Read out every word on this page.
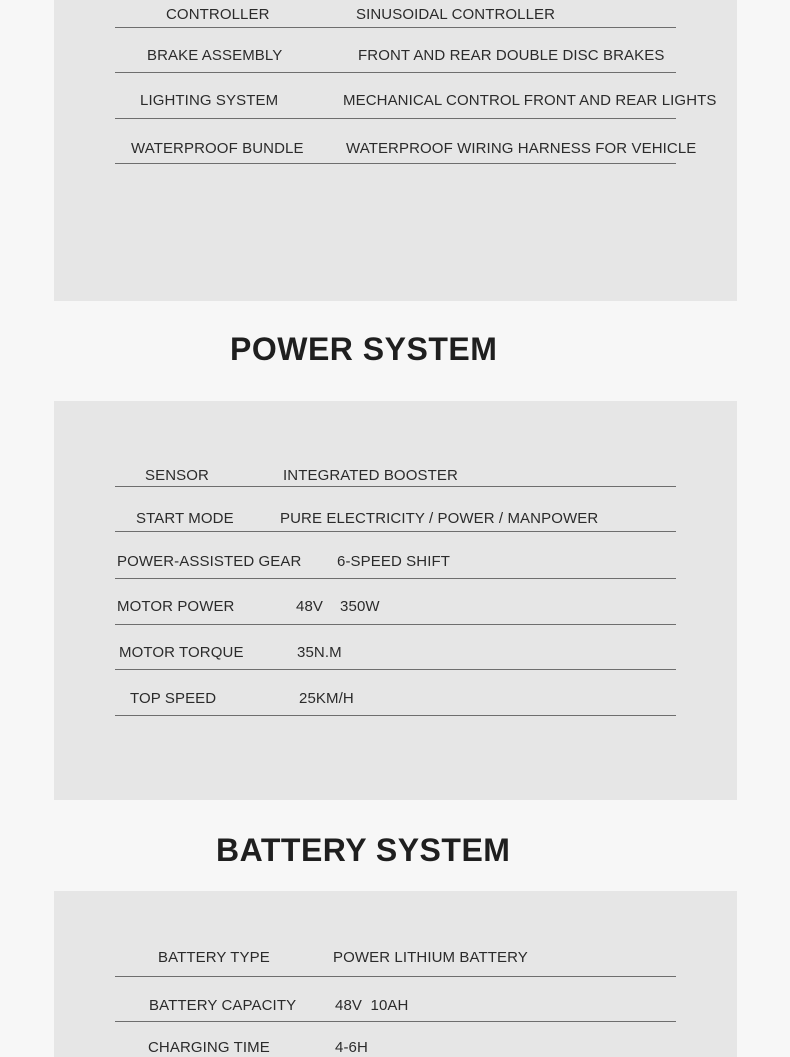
CONTROLLER	SINUSOIDAL CONTROLLER
BRAKE ASSEMBLY	FRONT AND REAR DOUBLE DISC BRAKES
LIGHTING SYSTEM	MECHANICAL CONTROL FRONT AND REAR LIGHTS
WATERPROOF BUNDLE	WATERPROOF WIRING HARNESS FOR VEHICLE
POWER SYSTEM
SENSOR	INTEGRATED BOOSTER
START MODE	PURE ELECTRICITY / POWER / MANPOWER
POWER-ASSISTED GEAR 6-SPEED SHIFT
MOTOR POWER	48V    350W
MOTOR TORQUE	35N.M
TOP SPEED	25KM/H
BATTERY SYSTEM
BATTERY TYPE	POWER LITHIUM BATTERY
BATTERY CAPACITY	48V  10AH
CHARGING TIME	4-6H
